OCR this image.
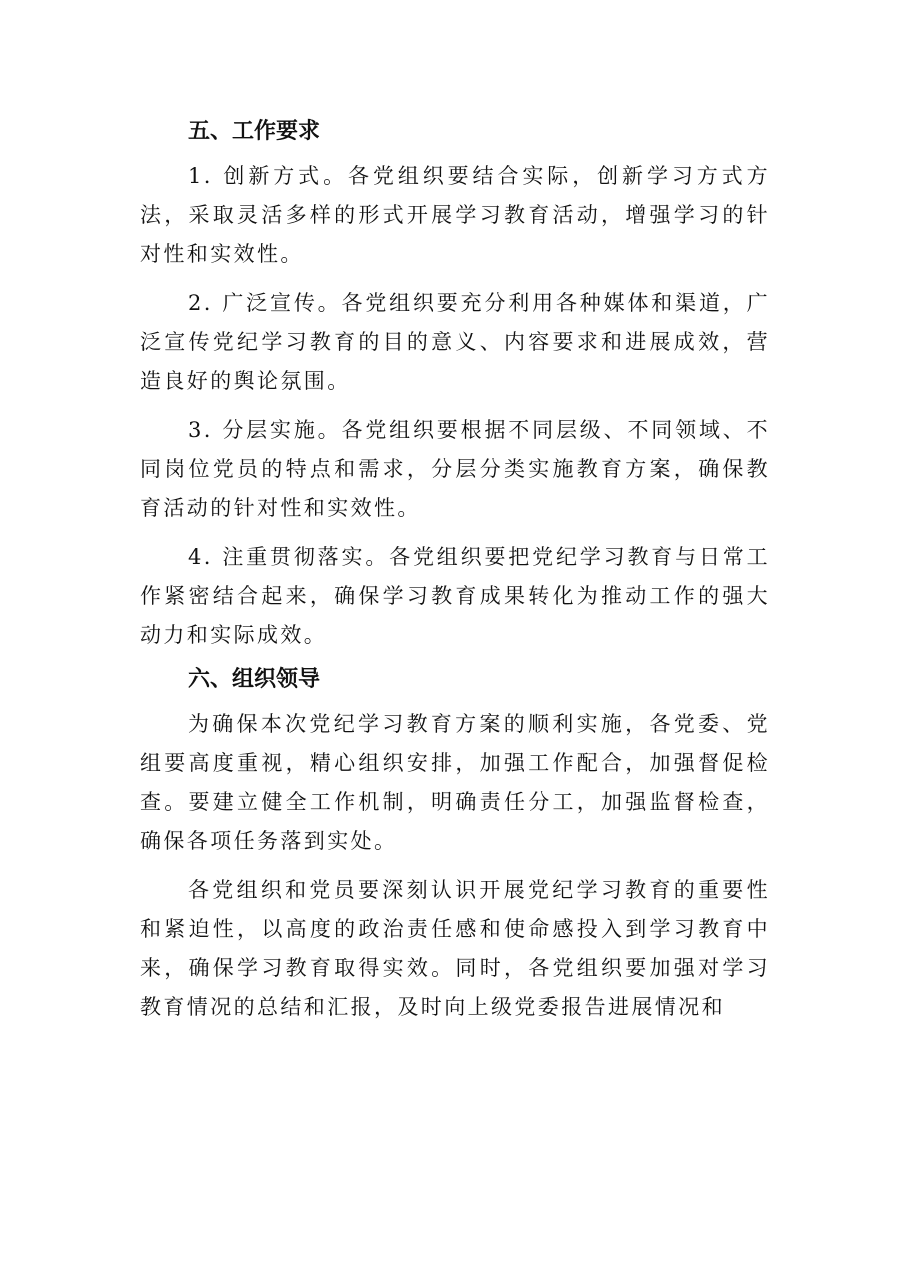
五、工作要求

1. 创新方式。各党组织要结合实际，创新学习方式方法，采取灵活多样的形式开展学习教育活动，增强学习的针对性和实效性。

2. 广泛宣传。各党组织要充分利用各种媒体和渠道，广泛宣传党纪学习教育的目的意义、内容要求和进展成效，营造良好的舆论氛围。

3. 分层实施。各党组织要根据不同层级、不同领域、不同岗位党员的特点和需求，分层分类实施教育方案，确保教育活动的针对性和实效性。

4. 注重贯彻落实。各党组织要把党纪学习教育与日常工作紧密结合起来，确保学习教育成果转化为推动工作的强大动力和实际成效。

六、组织领导

为确保本次党纪学习教育方案的顺利实施，各党委、党组要高度重视，精心组织安排，加强工作配合，加强督促检查。要建立健全工作机制，明确责任分工，加强监督检查，确保各项任务落到实处。

各党组织和党员要深刻认识开展党纪学习教育的重要性和紧迫性，以高度的政治责任感和使命感投入到学习教育中来，确保学习教育取得实效。同时，各党组织要加强对学习教育情况的总结和汇报，及时向上级党委报告进展情况和
